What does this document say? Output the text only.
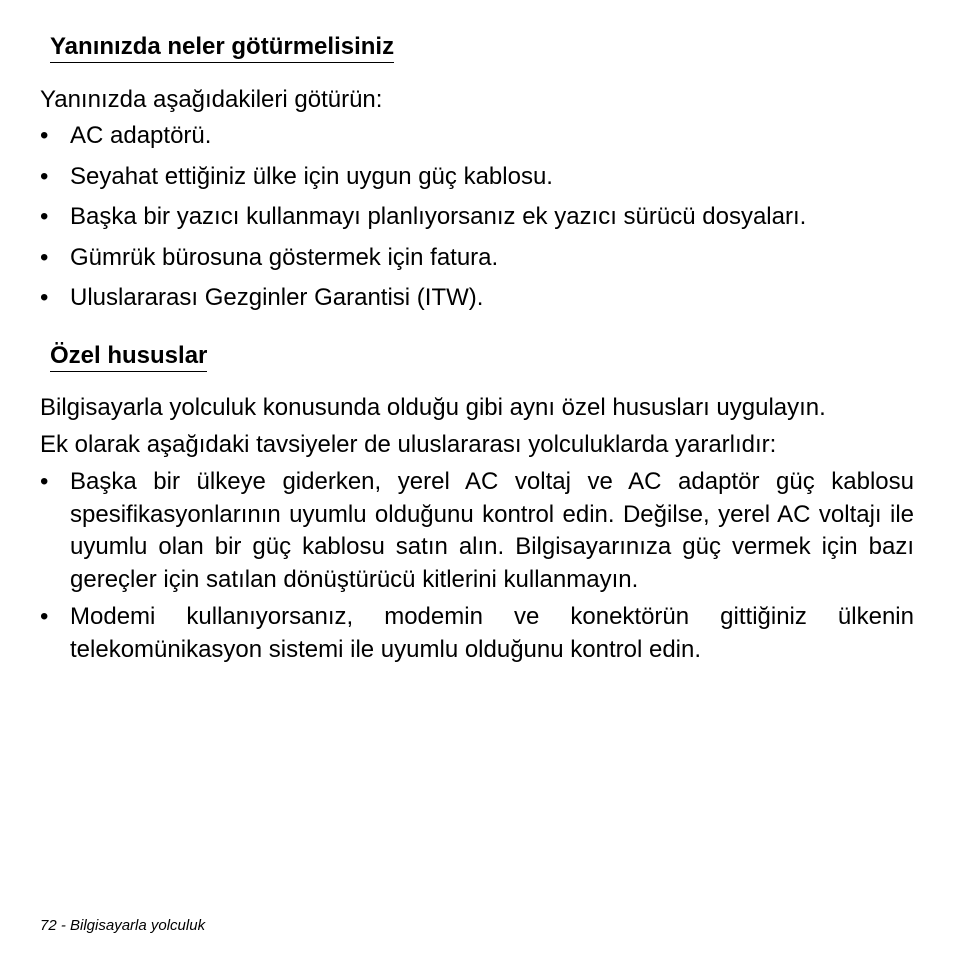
Yanınızda neler götürmelisiniz

Yanınızda aşağıdakileri götürün:

• AC adaptörü.
• Seyahat ettiğiniz ülke için uygun güç kablosu.
• Başka bir yazıcı kullanmayı planlıyorsanız ek yazıcı sürücü dosyaları.
• Gümrük bürosuna göstermek için fatura.
• Uluslararası Gezginler Garantisi (ITW).
Özel hususlar

Bilgisayarla yolculuk konusunda olduğu gibi aynı özel hususları uygulayın.

Ek olarak aşağıdaki tavsiyeler de uluslararası yolculuklarda yararlıdır:

• Başka bir ülkeye giderken, yerel AC voltaj ve AC adaptör güç kablosu spesifikasyonlarının uyumlu olduğunu kontrol edin. Değilse, yerel AC voltajı ile uyumlu olan bir güç kablosu satın alın. Bilgisayarınıza güç vermek için bazı gereçler için satılan dönüştürücü kitlerini kullanmayın.
• Modemi kullanıyorsanız, modemin ve konektörün gittiğiniz ülkenin telekomünikasyon sistemi ile uyumlu olduğunu kontrol edin.

72 - Bilgisayarla yolculuk
